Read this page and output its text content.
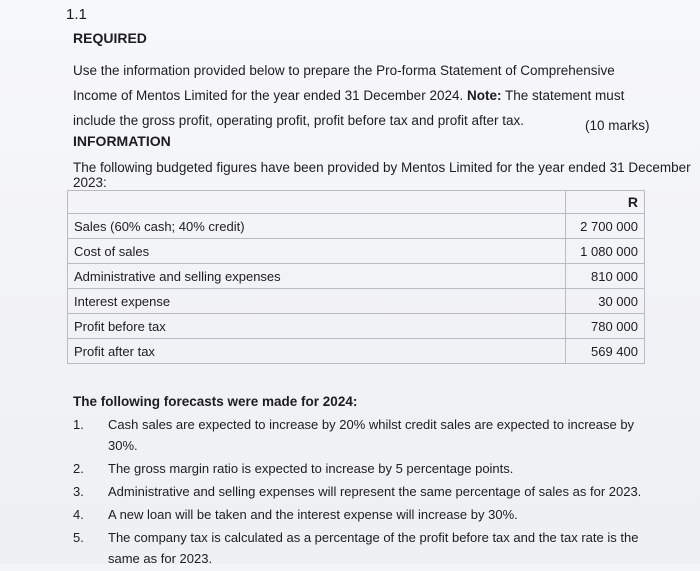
1.1
REQUIRED
Use the information provided below to prepare the Pro-forma Statement of Comprehensive
Income of Mentos Limited for the year ended 31 December 2024. Note: The statement must
include the gross profit, operating profit, profit before tax and profit after tax.	(10 marks)
INFORMATION
The following budgeted figures have been provided by Mentos Limited for the year ended 31 December 2023:
	R
Sales (60% cash; 40% credit)	2 700 000
Cost of sales	1 080 000
Administrative and selling expenses	810 000
Interest expense	30 000
Profit before tax	780 000
Profit after tax	569 400
The following forecasts were made for 2024:
1.	Cash sales are expected to increase by 20% whilst credit sales are expected to increase by 30%.
2.	The gross margin ratio is expected to increase by 5 percentage points.
3.	Administrative and selling expenses will represent the same percentage of sales as for 2023.
4.	A new loan will be taken and the interest expense will increase by 30%.
5.	The company tax is calculated as a percentage of the profit before tax and the tax rate is the same as for 2023.
